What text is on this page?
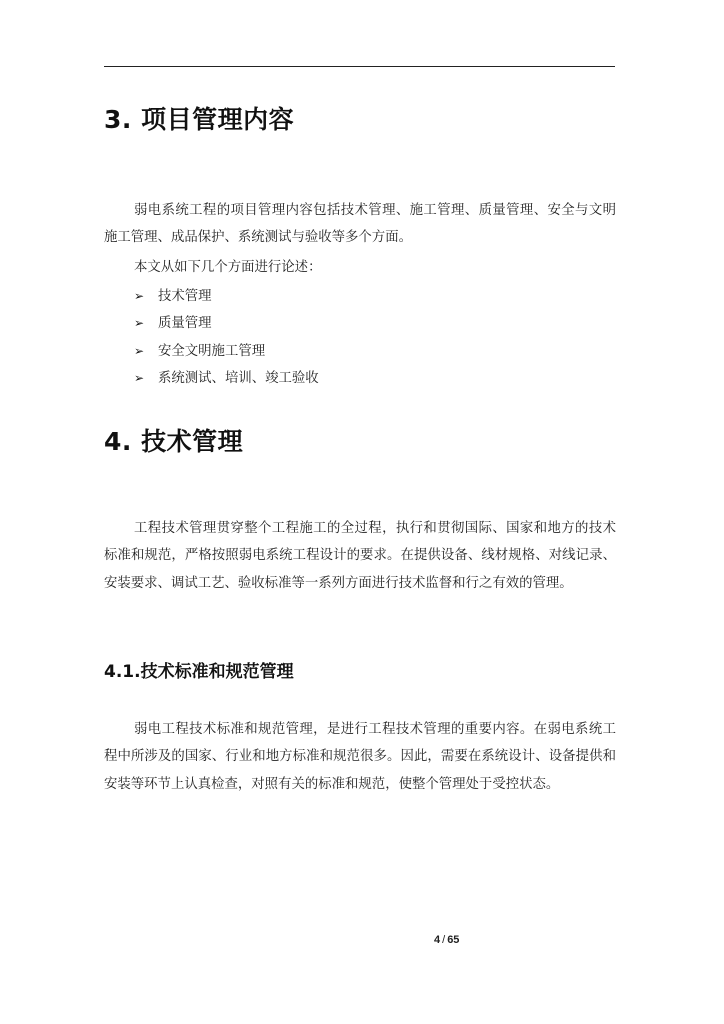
3. 项目管理内容

弱电系统工程的项目管理内容包括技术管理、施工管理、质量管理、安全与文明施工管理、成品保护、系统测试与验收等多个方面。

本文从如下几个方面进行论述：

➢	技术管理
➢	质量管理
➢	安全文明施工管理
➢	系统测试、培训、竣工验收
4. 技术管理

工程技术管理贯穿整个工程施工的全过程，执行和贯彻国际、国家和地方的技术标准和规范，严格按照弱电系统工程设计的要求。在提供设备、线材规格、对线记录、安装要求、调试工艺、验收标准等一系列方面进行技术监督和行之有效的管理。

4.1.技术标准和规范管理

弱电工程技术标准和规范管理，是进行工程技术管理的重要内容。在弱电系统工程中所涉及的国家、行业和地方标准和规范很多。因此，需要在系统设计、设备提供和安装等环节上认真检查，对照有关的标准和规范，使整个管理处于受控状态。

4 / 65
